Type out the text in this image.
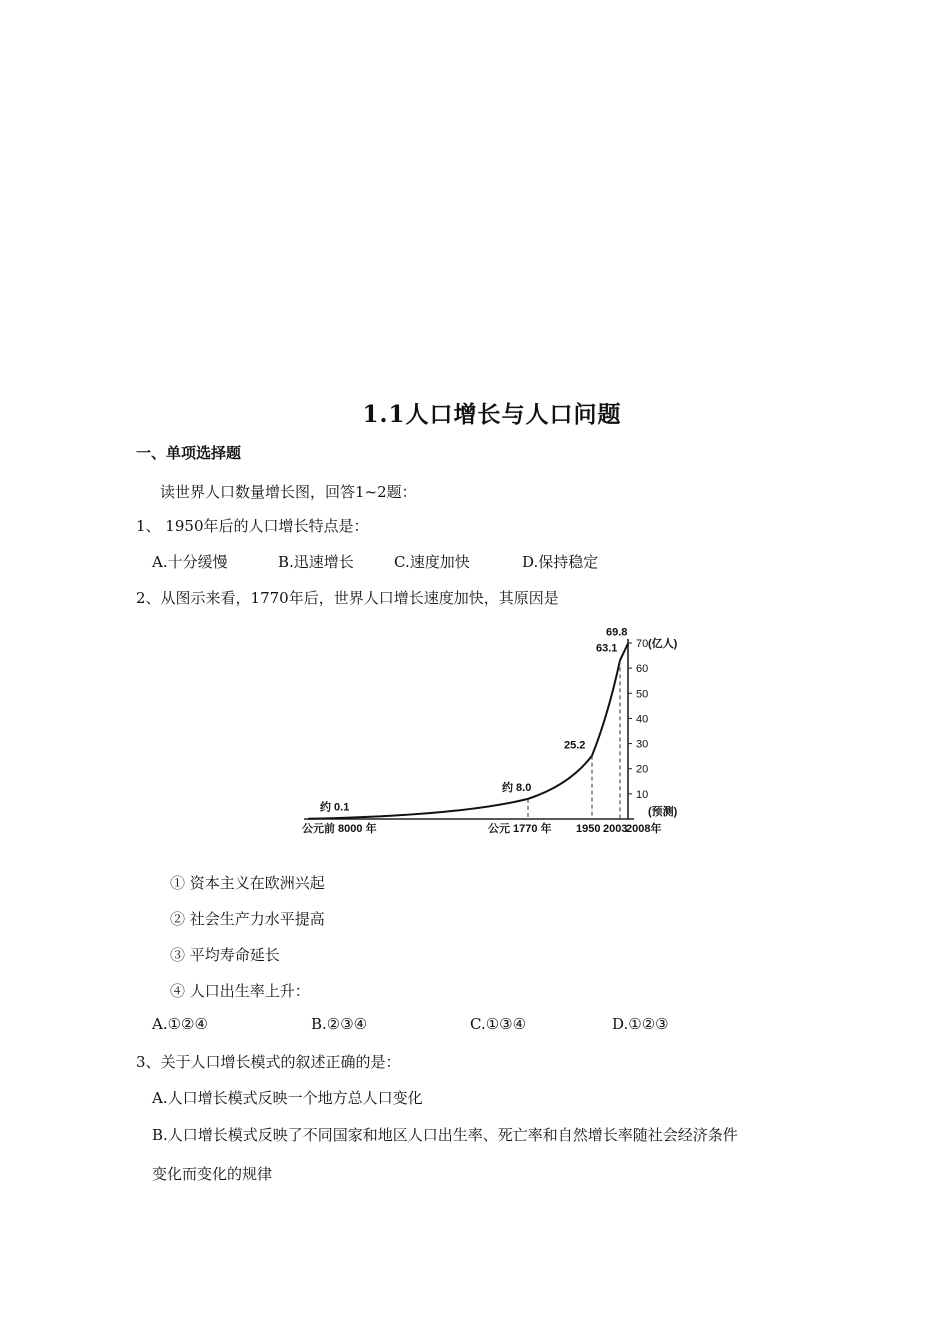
1.1人口增长与人口问题
一、单项选择题
读世界人口数量增长图，回答1~2题：
1、 1950年后的人口增长特点是：
A.十分缓慢	B.迅速增长	C.速度加快	D.保持稳定
2、从图示来看，1770年后，世界人口增长速度加快，其原因是
10
20
30
40
50
60
70 (亿人)
约 0.1
约 8.0
25.2
63.1
69.8
公元前 8000 年	公元 1770 年 1950 2003
2008年
(预测)
① 资本主义在欧洲兴起
② 社会生产力水平提高
③ 平均寿命延长
④ 人口出生率上升：
A.①②④	B.②③④	C.①③④	D.①②③
3、关于人口增长模式的叙述正确的是：
A.人口增长模式反映一个地方总人口变化
B.人口增长模式反映了不同国家和地区人口出生率、死亡率和自然增长率随社会经济条件
变化而变化的规律
